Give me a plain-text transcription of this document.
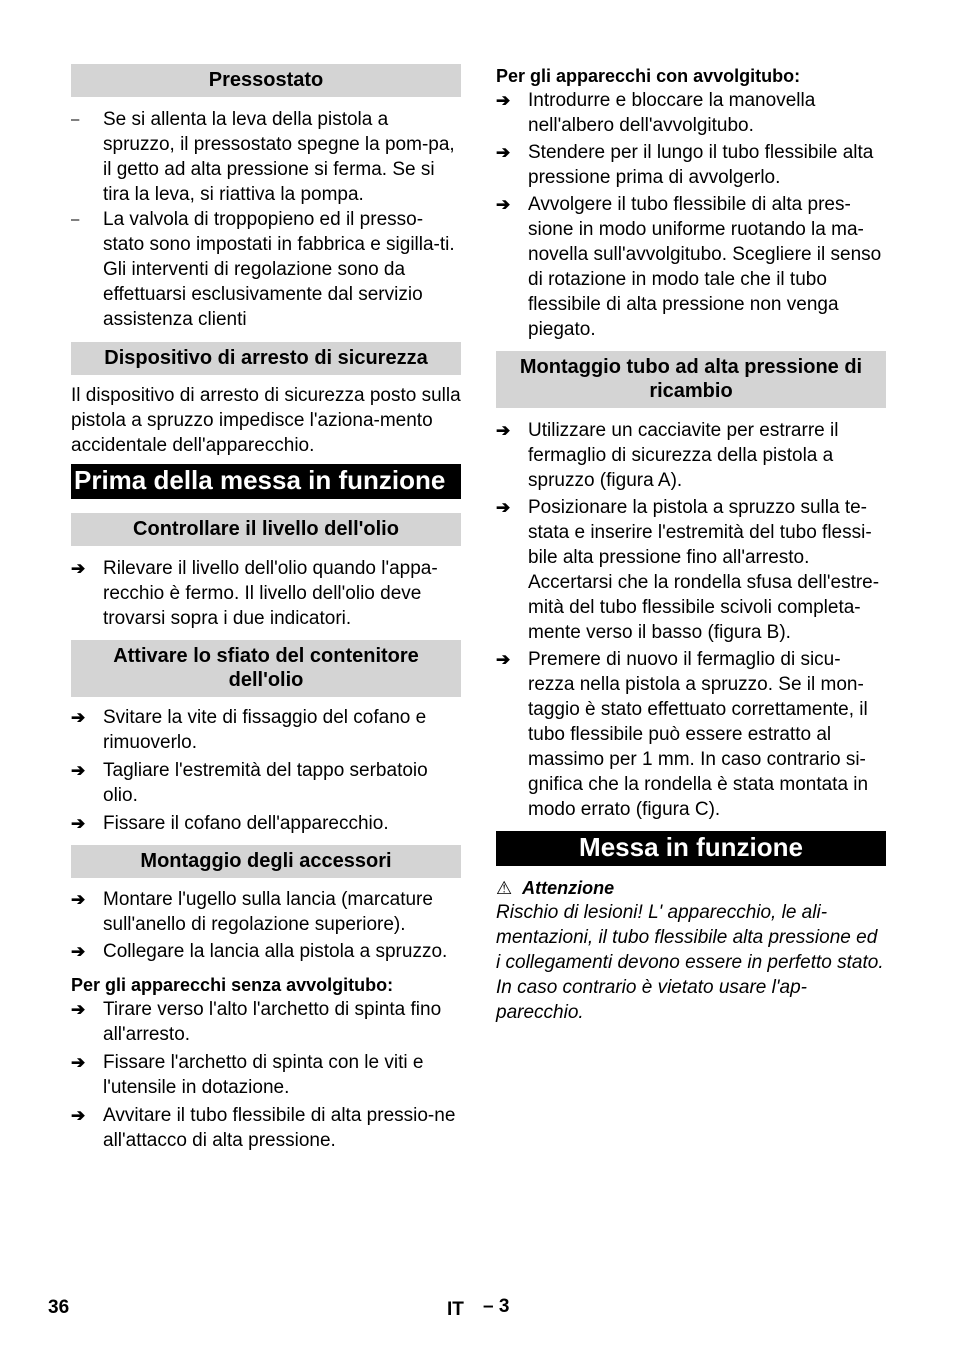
Pressostato
–	Se si allenta la leva della pistola a spruzzo, il pressostato spegne la pom-pa, il getto ad alta pressione si ferma. Se si tira la leva, si riattiva la pompa.
–	La valvola di troppopieno ed il presso-stato sono impostati in fabbrica e sigilla-ti. Gli interventi di regolazione sono da effettuarsi esclusivamente dal servizio assistenza clienti
Dispositivo di arresto di sicurezza
Il dispositivo di arresto di sicurezza posto sulla pistola a spruzzo impedisce l'aziona-mento accidentale dell'apparecchio.
Prima della messa in funzione
Controllare il livello dell'olio
➔ Rilevare il livello dell'olio quando l'appa-recchio è fermo. Il livello dell'olio deve trovarsi sopra i due indicatori.
Attivare lo sfiato del contenitore dell'olio
➔ Svitare la vite di fissaggio del cofano e rimuoverlo.
➔ Tagliare l'estremità del tappo serbatoio olio.
➔ Fissare il cofano dell'apparecchio.
Montaggio degli accessori
➔ Montare l'ugello sulla lancia (marcature sull'anello di regolazione superiore).
➔ Collegare la lancia alla pistola a spruzzo.
Per gli apparecchi senza avvolgitubo:
➔ Tirare verso l'alto l'archetto di spinta fino all'arresto.
➔ Fissare l'archetto di spinta con le viti e l'utensile in dotazione.
➔ Avvitare il tubo flessibile di alta pressio-ne all'attacco di alta pressione.
Per gli apparecchi con avvolgitubo:
➔ Introdurre e bloccare la manovella nell'albero dell'avvolgitubo.
➔ Stendere per il lungo il tubo flessibile alta pressione prima di avvolgerlo.
➔ Avvolgere il tubo flessibile di alta pres-sione in modo uniforme ruotando la ma-novella sull'avvolgitubo. Scegliere il senso di rotazione in modo tale che il tubo flessibile di alta pressione non venga piegato.
Montaggio tubo ad alta pressione di ricambio
➔ Utilizzare un cacciavite per estrarre il fermaglio di sicurezza della pistola a spruzzo (figura A).
➔ Posizionare la pistola a spruzzo sulla te-stata e inserire l'estremità del tubo flessi-bile alta pressione fino all'arresto. Accertarsi che la rondella sfusa dell'estre-mità del tubo flessibile scivoli completa-mente verso il basso (figura B).
➔ Premere di nuovo il fermaglio di sicu-rezza nella pistola a spruzzo. Se il mon-taggio è stato effettuato correttamente, il tubo flessibile può essere estratto al massimo per 1 mm. In caso contrario si-gnifica che la rondella è stata montata in modo errato (figura C).
Messa in funzione
⚠ Attenzione
Rischio di lesioni! L' apparecchio, le ali-mentazioni, il tubo flessibile alta pressione ed i collegamenti devono essere in perfetto stato. In caso contrario è vietato usare l'ap-parecchio.
36	IT – 3
